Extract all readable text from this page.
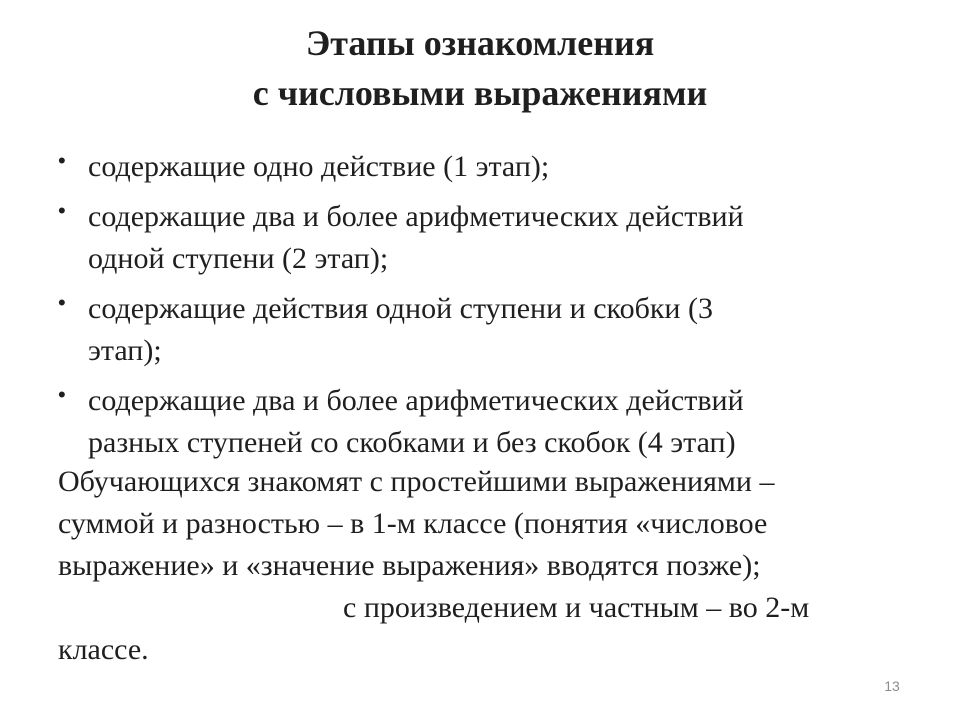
Этапы ознакомления
с числовыми выражениями
• содержащие одно действие (1 этап);
• содержащие два и более арифметических действий
одной ступени (2 этап);
• содержащие действия одной ступени и скобки (3
этап);
• содержащие два и более арифметических действий
разных ступеней со скобками и без скобок (4 этап)
Обучающихся знакомят с простейшими выражениями –
суммой и разностью – в 1-м классе (понятия «числовое
выражение» и «значение выражения» вводятся позже);
с произведением и частным – во 2-м
классе.
13
